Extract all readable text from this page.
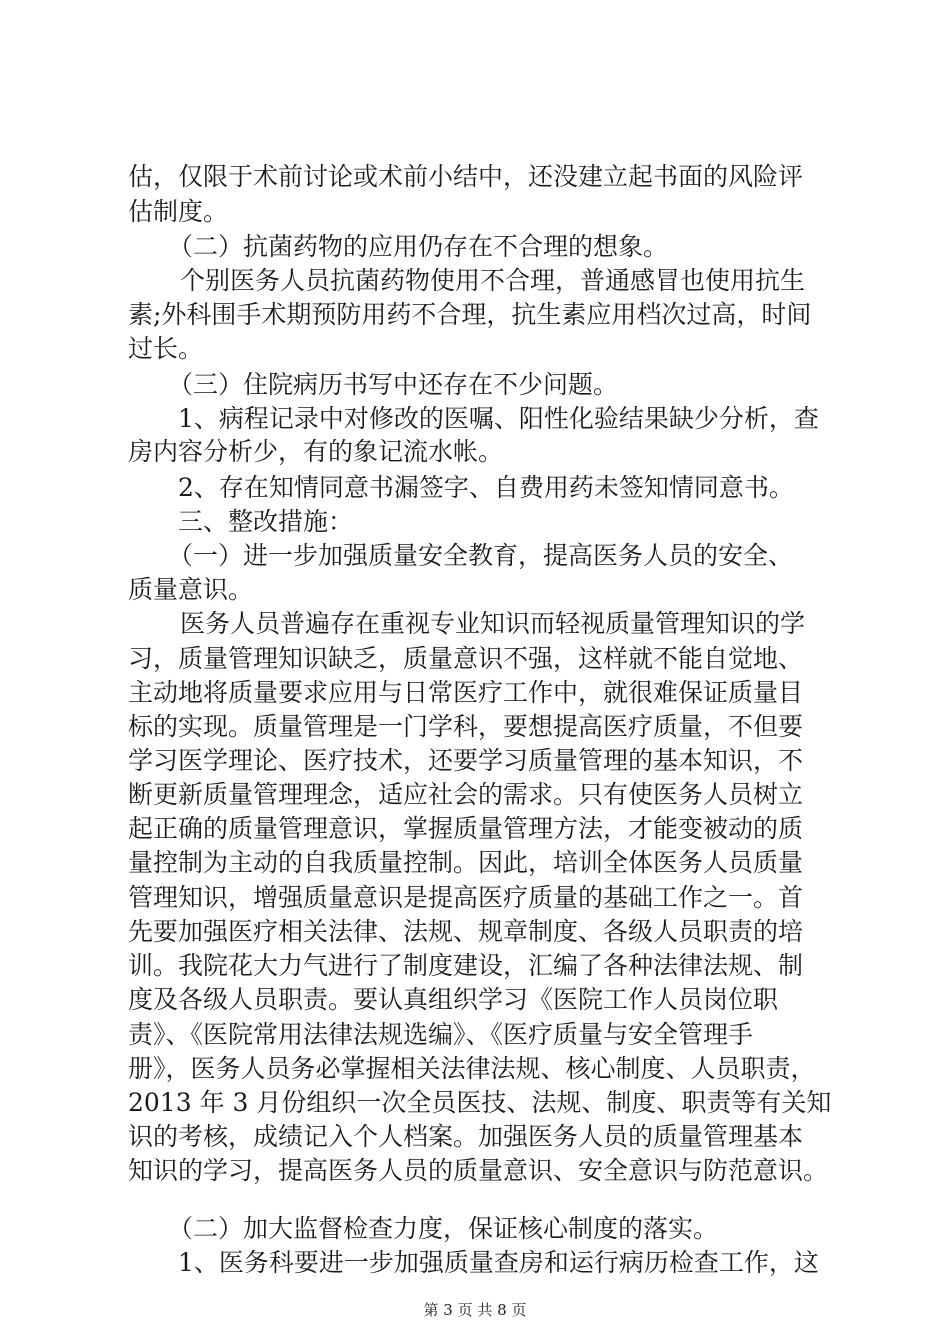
估，仅限于术前讨论或术前小结中，还没建立起书面的风险评
估制度。
（二）抗菌药物的应用仍存在不合理的想象。
个别医务人员抗菌药物使用不合理，普通感冒也使用抗生
素;外科围手术期预防用药不合理，抗生素应用档次过高，时间
过长。
（三）住院病历书写中还存在不少问题。
1、病程记录中对修改的医嘱、阳性化验结果缺少分析，查
房内容分析少，有的象记流水帐。
2、存在知情同意书漏签字、自费用药未签知情同意书。
三、整改措施：
（一）进一步加强质量安全教育，提高医务人员的安全、
质量意识。
医务人员普遍存在重视专业知识而轻视质量管理知识的学
习，质量管理知识缺乏，质量意识不强，这样就不能自觉地、
主动地将质量要求应用与日常医疗工作中，就很难保证质量目
标的实现。质量管理是一门学科，要想提高医疗质量，不但要
学习医学理论、医疗技术，还要学习质量管理的基本知识，不
断更新质量管理理念，适应社会的需求。只有使医务人员树立
起正确的质量管理意识，掌握质量管理方法，才能变被动的质
量控制为主动的自我质量控制。因此，培训全体医务人员质量
管理知识，增强质量意识是提高医疗质量的基础工作之一。首
先要加强医疗相关法律、法规、规章制度、各级人员职责的培
训。我院花大力气进行了制度建设，汇编了各种法律法规、制
度及各级人员职责。要认真组织学习《医院工作人员岗位职
责》、《医院常用法律法规选编》、《医疗质量与安全管理手
册》，医务人员务必掌握相关法律法规、核心制度、人员职责，
2013 年 3 月份组织一次全员医技、法规、制度、职责等有关知
识的考核，成绩记入个人档案。加强医务人员的质量管理基本
知识的学习，提高医务人员的质量意识、安全意识与防范意识。
（二）加大监督检查力度，保证核心制度的落实。
1、医务科要进一步加强质量查房和运行病历检查工作，这
第 3 页 共 8 页
